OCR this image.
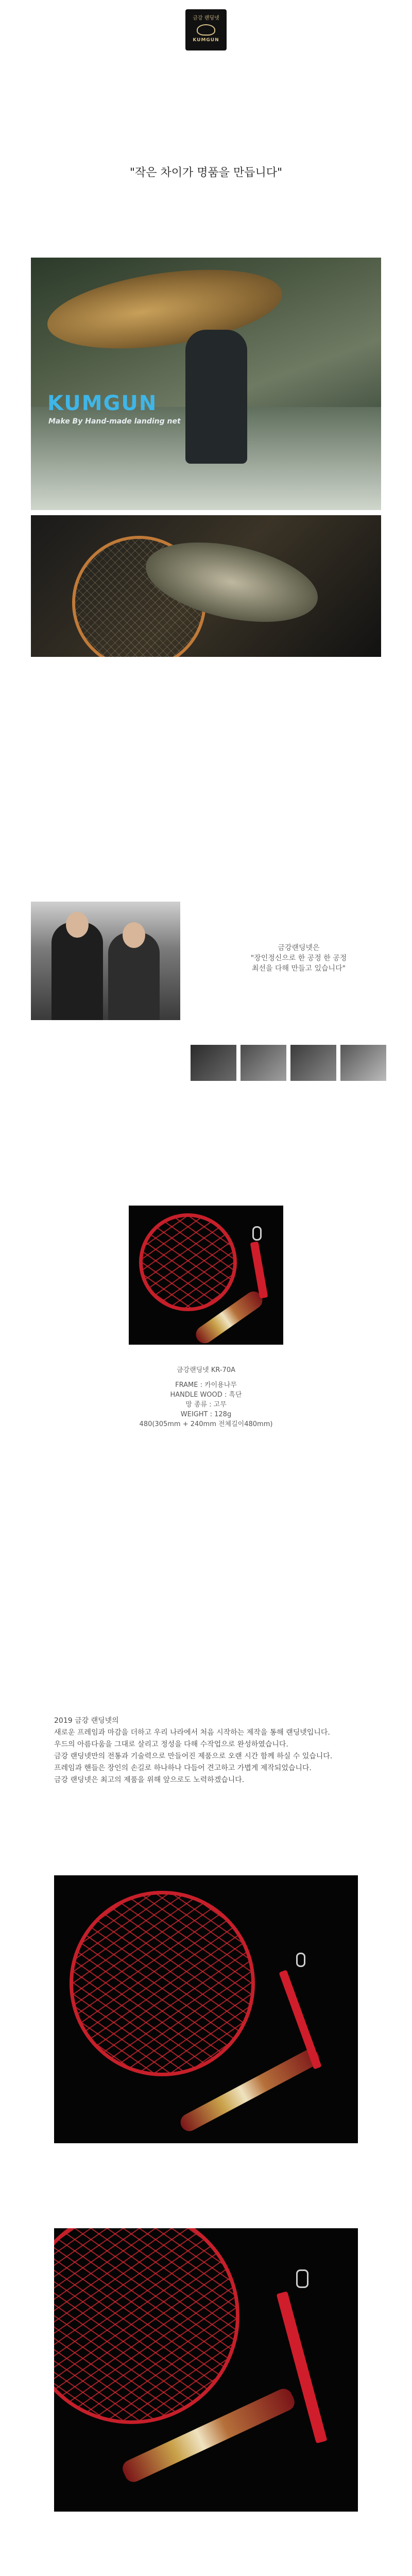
금강 랜딩넷
KUMGUN
"작은 차이가 명품을 만듭니다"
KUMGUN
Make By Hand-made landing net
금강랜딩넷은
"장인정신으로 한 공정 한 공정
최선을 다해 만들고 있습니다"
금강랜딩넷 KR-70A
FRAME : 카이용나무
HANDLE WOOD : 흑단
망 종류 : 고무
WEIGHT : 128g
480(305mm + 240mm 전체길이480mm)

2019 금강 랜딩넷의

새로운 프레임과 마감을 더하고 우리 나라에서 처음 시작하는 제작을 통해 랜딩넷입니다.

우드의 아름다움을 그대로 살리고 정성을 다해 수작업으로 완성하였습니다.

금강 랜딩넷만의 전통과 기술력으로 만들어진 제품으로 오랜 시간 함께 하실 수 있습니다.

프레임과 핸들은 장인의 손길로 하나하나 다듬어 견고하고 가볍게 제작되었습니다.

금강 랜딩넷은 최고의 제품을 위해 앞으로도 노력하겠습니다.
